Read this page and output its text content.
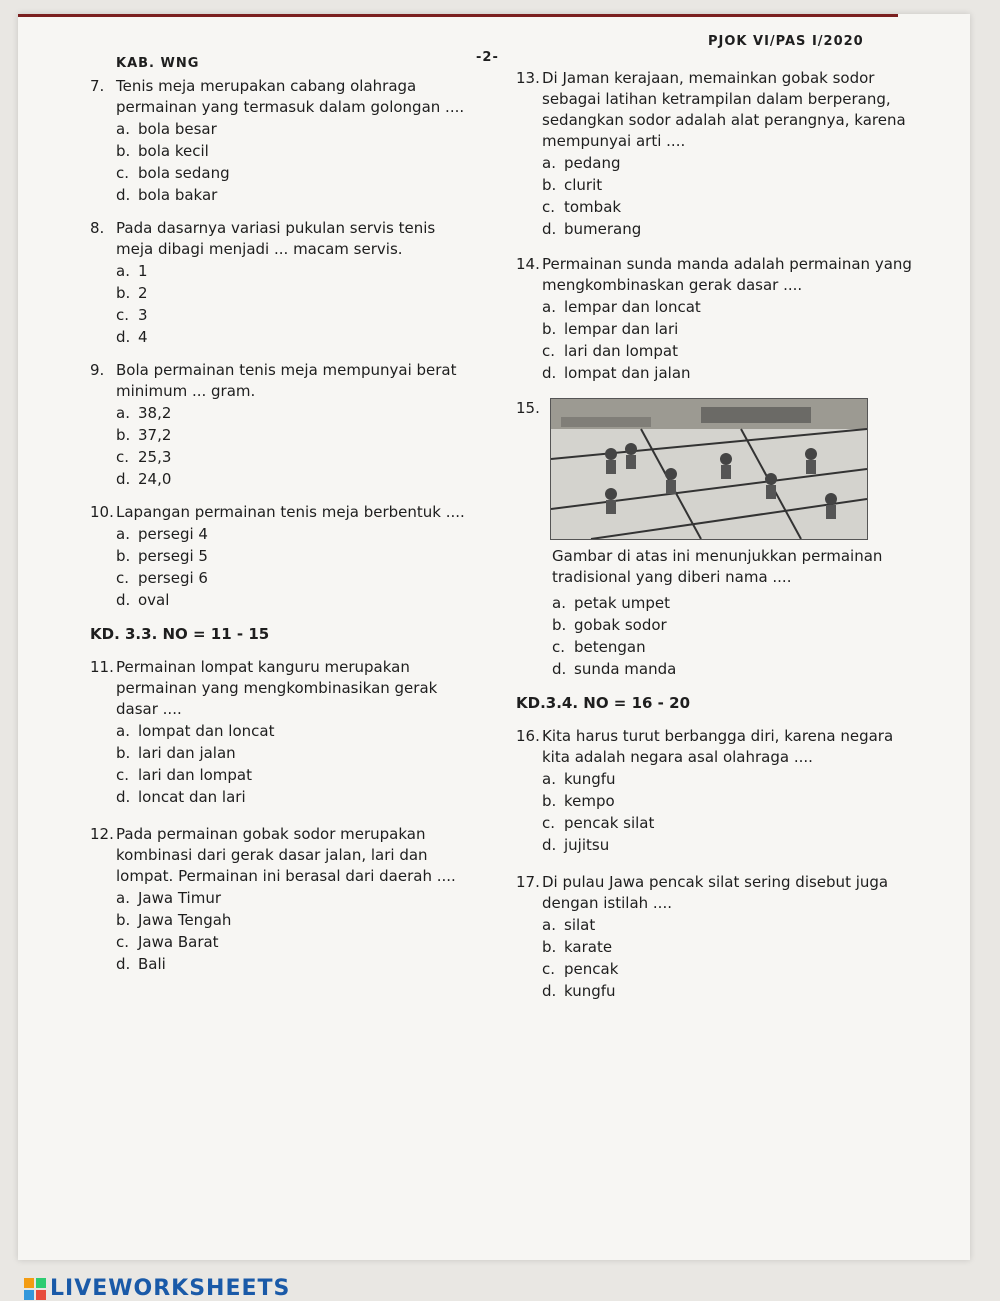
KAB. WNG	-2-
PJOK VI/PAS I/2020
7. Tenis meja merupakan cabang olahraga permainan yang termasuk dalam golongan ....
a. bola besar
b. bola kecil
c. bola sedang
d. bola bakar
8. Pada dasarnya variasi pukulan servis tenis meja dibagi menjadi ... macam servis.
a. 1
b. 2
c. 3
d. 4
9. Bola permainan tenis meja mempunyai berat minimum ... gram.
a. 38,2
b. 37,2
c. 25,3
d. 24,0
10. Lapangan permainan tenis meja berbentuk ....
a. persegi 4
b. persegi 5
c. persegi 6
d. oval
KD. 3.3. NO = 11 - 15
11. Permainan lompat kanguru merupakan permainan yang mengkombinasikan gerak dasar ....
a. lompat dan loncat
b. lari dan jalan
c. lari dan lompat
d. loncat dan lari
12. Pada permainan gobak sodor merupakan kombinasi dari gerak dasar jalan, lari dan lompat. Permainan ini berasal dari daerah ....
a. Jawa Timur
b. Jawa Tengah
c. Jawa Barat
d. Bali
13. Di Jaman kerajaan, memainkan gobak sodor sebagai latihan ketrampilan dalam berperang, sedangkan sodor adalah alat perangnya, karena mempunyai arti ....
a. pedang
b. clurit
c. tombak
d. bumerang
14. Permainan sunda manda adalah permainan yang mengkombinaskan gerak dasar ....
a. lempar dan loncat
b. lempar dan lari
c. lari dan lompat
d. lompat dan jalan
15.
Gambar di atas ini menunjukkan permainan tradisional yang diberi nama ....
a. petak umpet
b. gobak sodor
c. betengan
d. sunda manda
KD.3.4. NO = 16 - 20
16. Kita harus turut berbangga diri, karena negara kita adalah negara asal olahraga ....
a. kungfu
b. kempo
c. pencak silat
d. jujitsu
17. Di pulau Jawa pencak silat sering disebut juga dengan istilah ....
a. silat
b. karate
c. pencak
d. kungfu
LIVEWORKSHEETS
